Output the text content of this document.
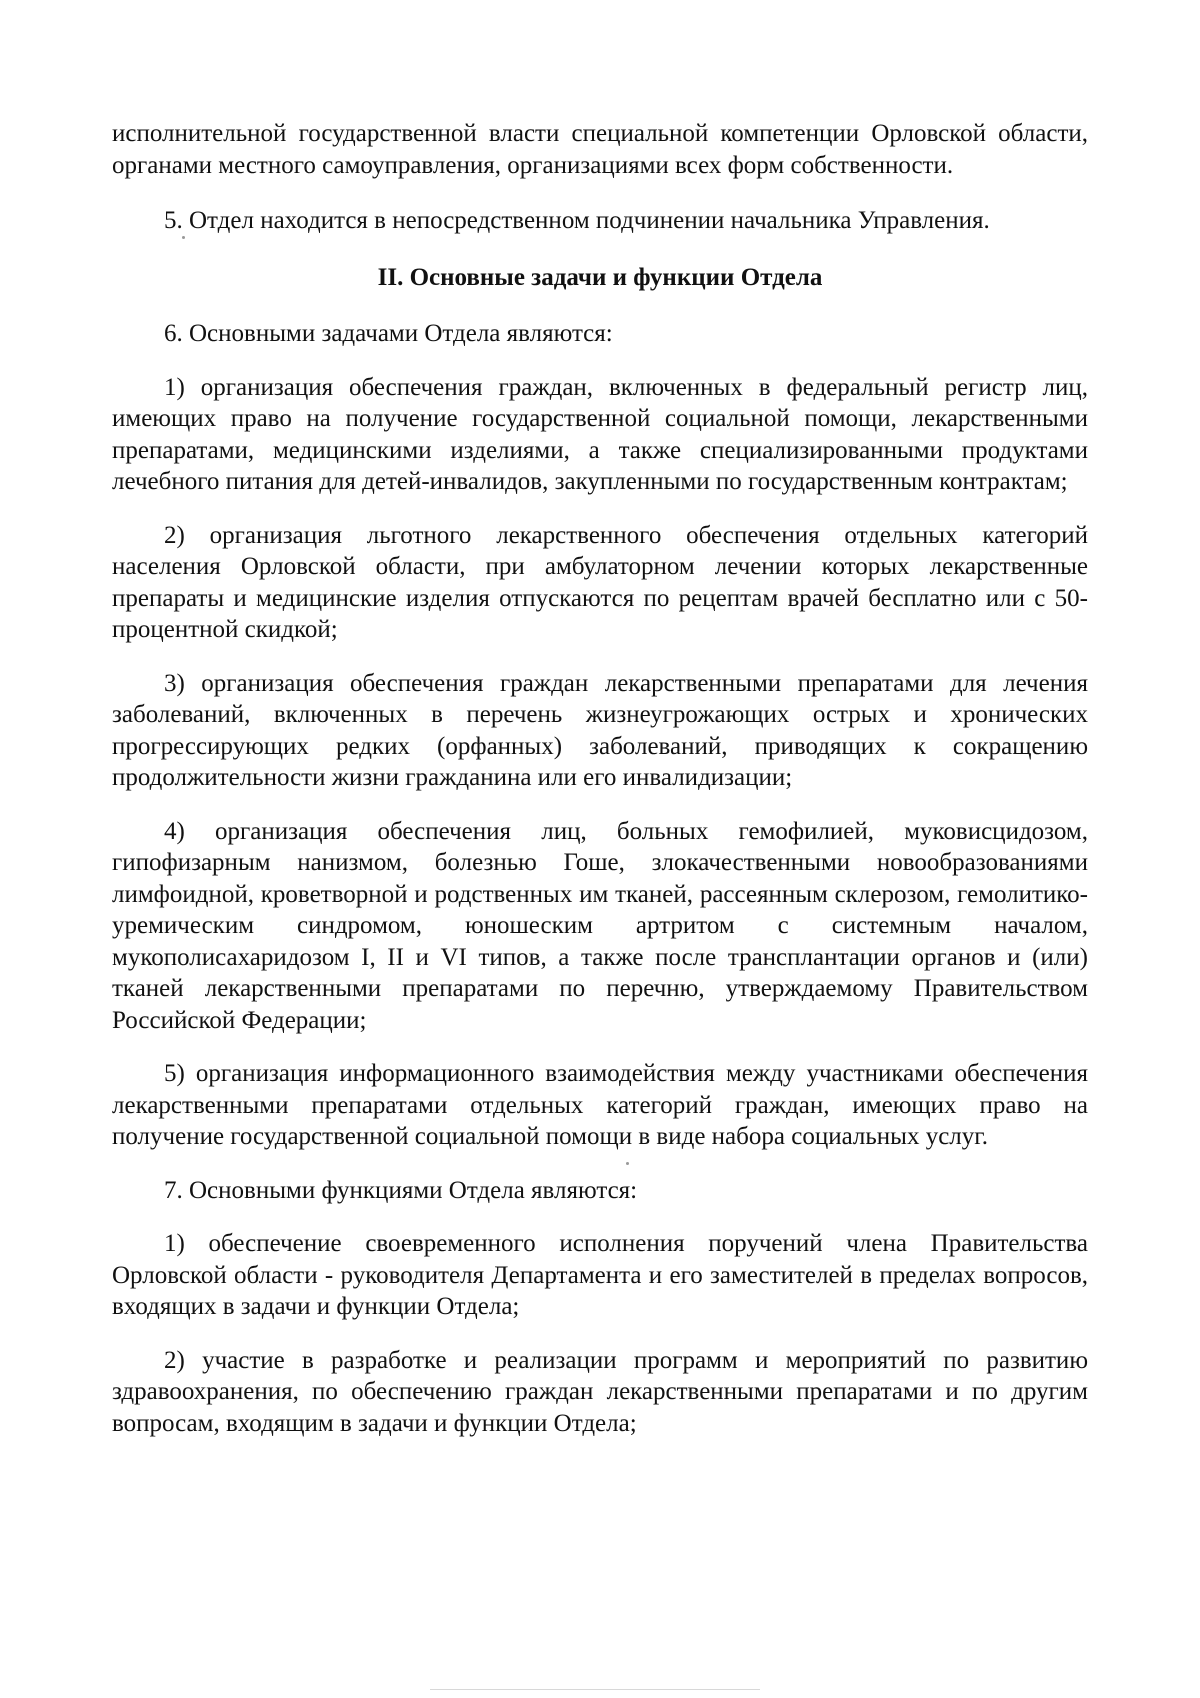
исполнительной государственной власти специальной компетенции Орловской области, органами местного самоуправления, организациями всех форм собственности.

5. Отдел находится в непосредственном подчинении начальника Управления.

II. Основные задачи и функции Отдела

6. Основными задачами Отдела являются:

1) организация обеспечения граждан, включенных в федеральный регистр лиц, имеющих право на получение государственной социальной помощи, лекарственными препаратами, медицинскими изделиями, а также специализированными продуктами лечебного питания для детей-инвалидов, закупленными по государственным контрактам;

2) организация льготного лекарственного обеспечения отдельных категорий населения Орловской области, при амбулаторном лечении которых лекарственные препараты и медицинские изделия отпускаются по рецептам врачей бесплатно или с 50-процентной скидкой;

3) организация обеспечения граждан лекарственными препаратами для лечения заболеваний, включенных в перечень жизнеугрожающих острых и хронических прогрессирующих редких (орфанных) заболеваний, приводящих к сокращению продолжительности жизни гражданина или его инвалидизации;

4) организация обеспечения лиц, больных гемофилией, муковисцидозом, гипофизарным нанизмом, болезнью Гоше, злокачественными новообразованиями лимфоидной, кроветворной и родственных им тканей, рассеянным склерозом, гемолитико-уремическим синдромом, юношеским артритом с системным началом, мукополисахаридозом I, II и VI типов, а также после трансплантации органов и (или) тканей лекарственными препаратами по перечню, утверждаемому Правительством Российской Федерации;

5) организация информационного взаимодействия между участниками обеспечения лекарственными препаратами отдельных категорий граждан, имеющих право на получение государственной социальной помощи в виде набора социальных услуг.

7. Основными функциями Отдела являются:

1) обеспечение своевременного исполнения поручений члена Правительства Орловской области - руководителя Департамента и его заместителей в пределах вопросов, входящих в задачи и функции Отдела;

2) участие в разработке и реализации программ и мероприятий по развитию здравоохранения, по обеспечению граждан лекарственными препаратами и по другим вопросам, входящим в задачи и функции Отдела;
